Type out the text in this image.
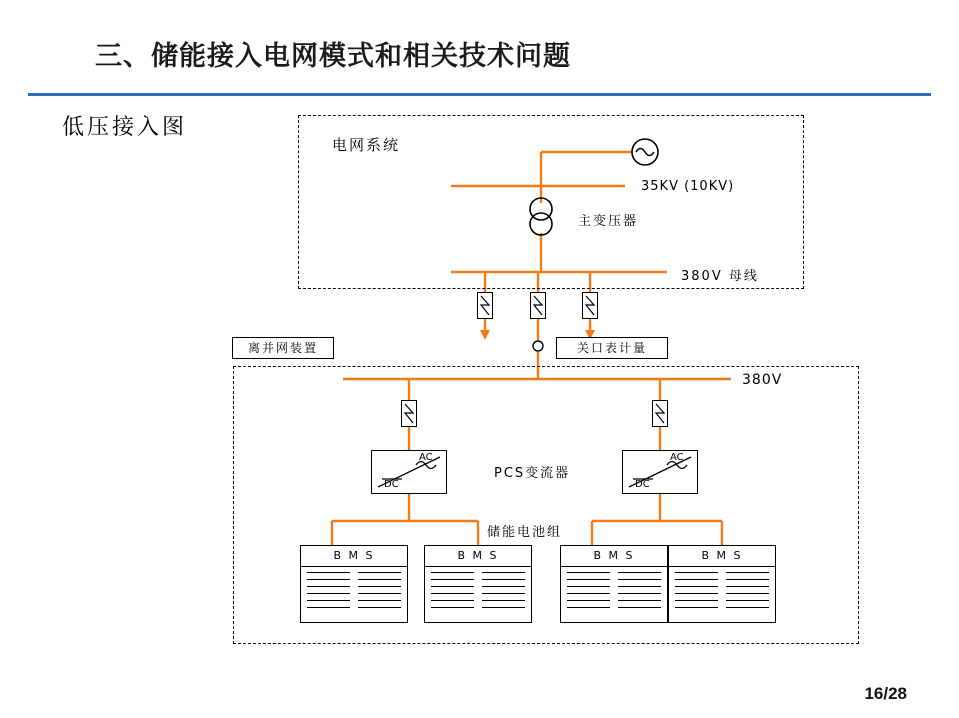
三、储能接入电网模式和相关技术问题
低压接入图
电网系统
35KV (10KV)
主变压器
380V 母线
380V
PCS变流器
储能电池组
离并网装置	关口表计量
AC
DC
AC
DC
B M S	B M S	B M S	B M S
16/28
